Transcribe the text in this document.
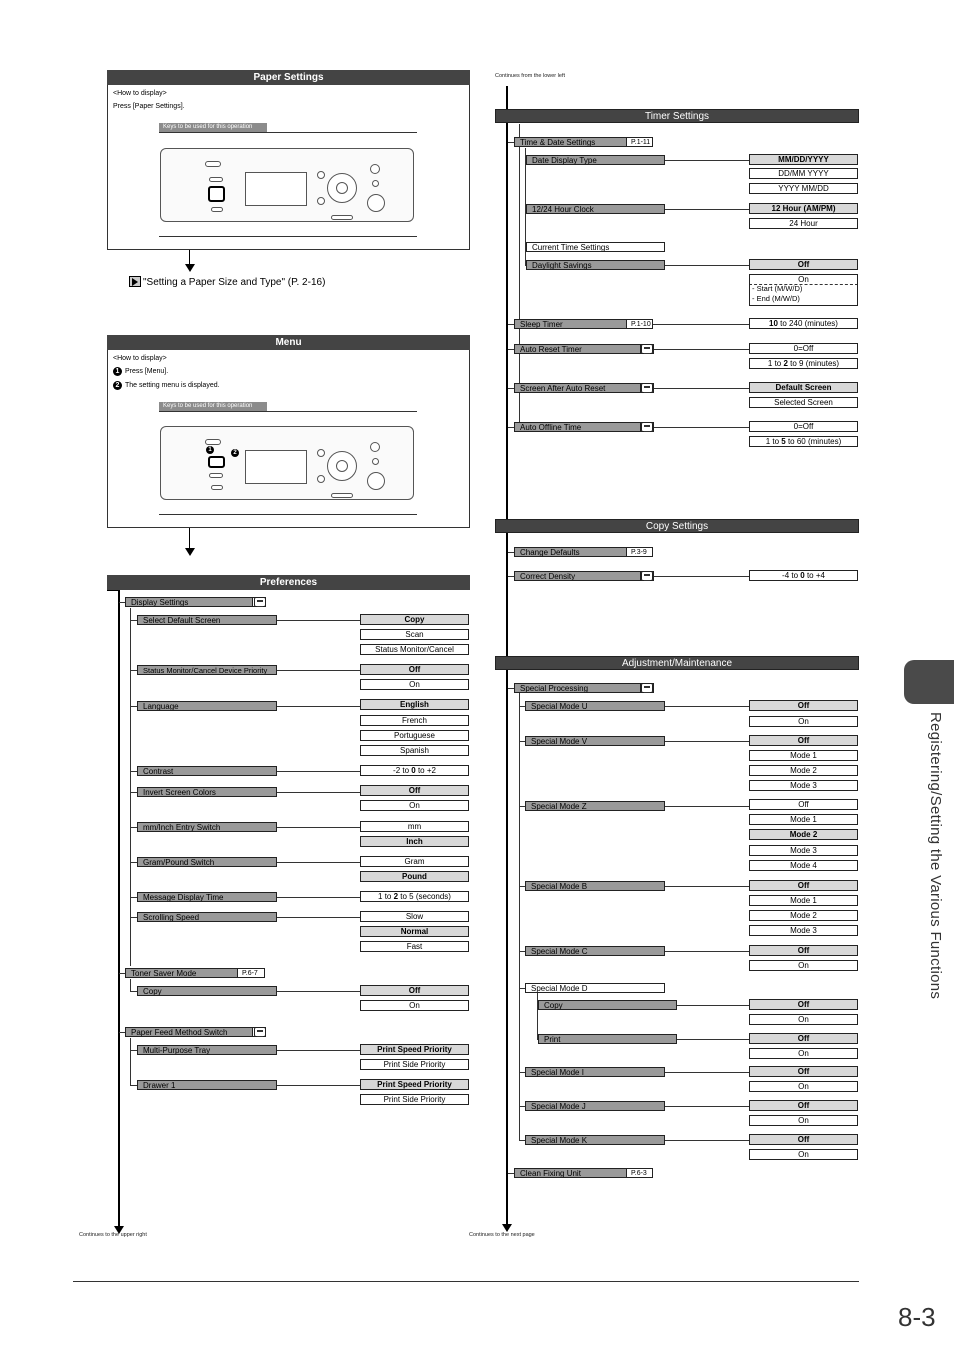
Paper Settings
<How to display>
Press [Paper Settings].
Keys to be used for this operation
"Setting a Paper Size and Type" (P. 2-16)
Menu
<How to display>
1 Press [Menu].
2 The setting menu is displayed.
Keys to be used for this operation
1	2
Preferences
Display Settings
Select Default Screen	Copy
Scan
Status Monitor/Cancel
Status Monitor/Cancel Device Priority	Off
On
Language	English
French
Portuguese
Spanish
Contrast	-2 to 0 to +2
Invert Screen Colors	Off
On
mm/Inch Entry Switch	mm
Inch
Gram/Pound Switch	Gram
Pound
Message Display Time	1 to 2 to 5 (seconds)
Scrolling Speed	Slow
Normal
Fast
Toner Saver Mode	P.6-7
Copy	Off
On
Paper Feed Method Switch
Multi-Purpose Tray	Print Speed Priority
Print Side Priority
Drawer 1	Print Speed Priority
Print Side Priority
Continues to the upper right
Continues from the lower left
Timer Settings
Time & Date Settings	P.1-11
Date Display Type	MM/DD/YYYY
DD/MM YYYY
YYYY MM/DD
12/24 Hour Clock	12 Hour (AM/PM)
24 Hour
Current Time Settings
Daylight Savings	Off
On
- Start (M/W/D)
- End (M/W/D)
Sleep Timer	P.1-10	10 to 240 (minutes)
Auto Reset Timer	0=Off
1 to 2 to 9 (minutes)
Screen After Auto Reset	Default Screen
Selected Screen
Auto Offline Time	0=Off
1 to 5 to 60 (minutes)
Copy Settings
Change Defaults	P.3-9
Correct Density	-4 to 0 to +4
Adjustment/Maintenance
Special Processing
Special Mode U	Off
On
Special Mode V	Off
Mode 1
Mode 2
Mode 3
Special Mode Z	Off
Mode 1
Mode 2
Mode 3
Mode 4
Special Mode B	Off
Mode 1
Mode 2
Mode 3
Special Mode C	Off
On
Special Mode D
Copy	Off
On
Print	Off
On
Special Mode I	Off
On
Special Mode J	Off
On
Special Mode K	Off
On
Clean Fixing Unit	P.6-3
Continues to the next page
8-3
Registering/Setting the Various Functions
